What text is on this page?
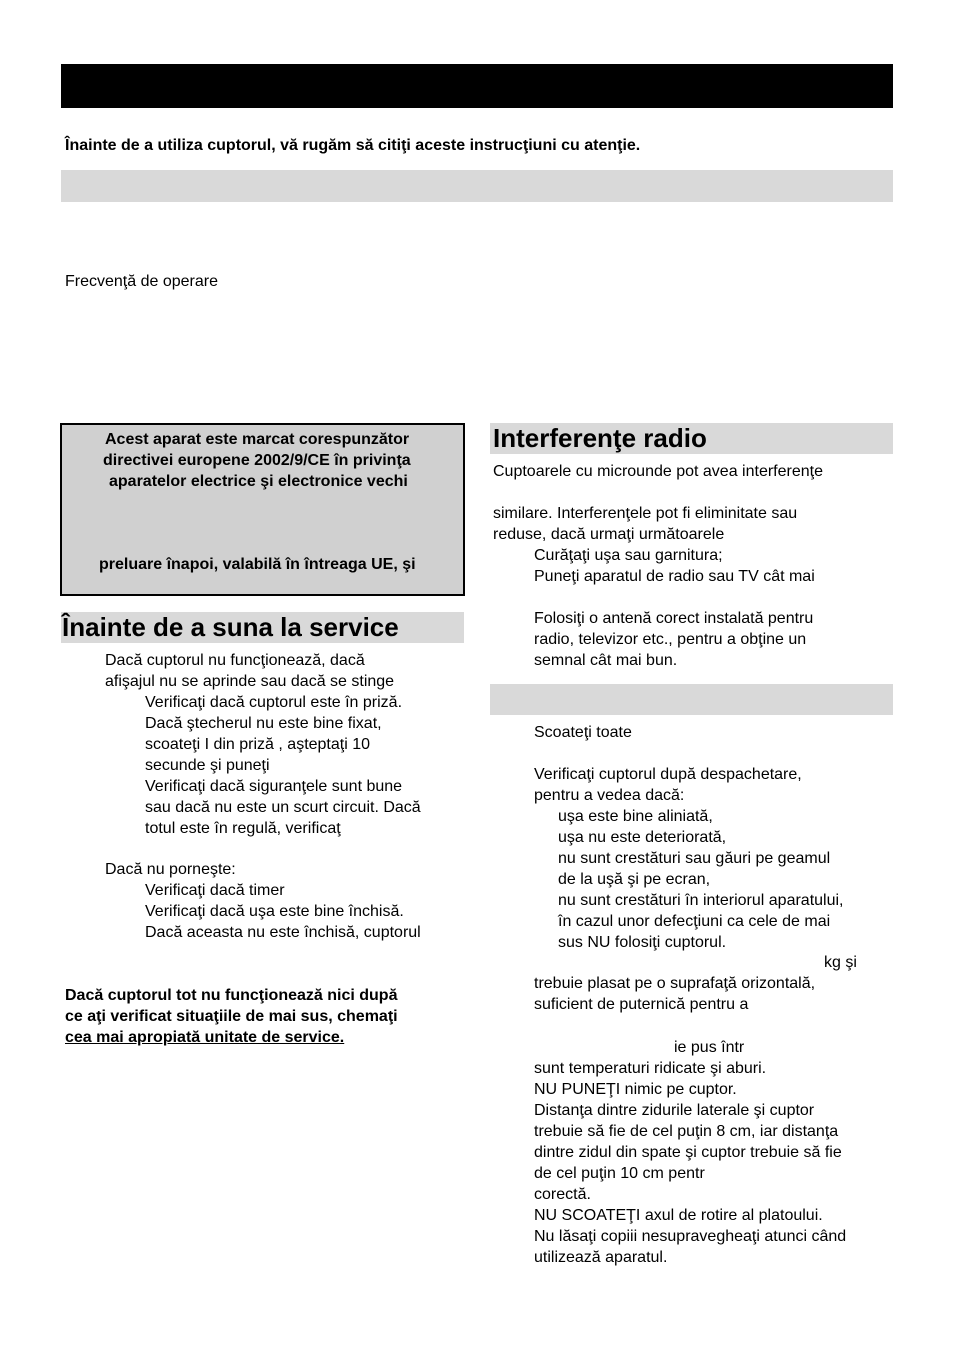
Înainte de a utiliza cuptorul, vă rugăm să citiţi aceste instrucţiuni cu atenţie.
Frecvenţă de operare
Acest aparat este marcat corespunzător
directivei europene 2002/9/CE în privinţa
aparatelor electrice şi electronice vechi
preluare înapoi, valabilă în întreaga UE, şi
Înainte de a suna la service
Dacă cuptorul nu funcţionează, dacă
afişajul nu se aprinde sau dacă se stinge
Verificaţi dacă cuptorul este în priză.
Dacă ştecherul nu este bine fixat,
scoateţi I din priză , aşteptaţi 10
secunde şi puneţi
Verificaţi dacă siguranţele sunt bune
sau dacă nu este un scurt circuit. Dacă
totul este în regulă, verificaţ
Dacă nu porneşte:
Verificaţi dacă timer
Verificaţi dacă uşa este bine închisă.
Dacă aceasta nu este închisă, cuptorul
Dacă cuptorul tot nu funcţionează nici după
ce aţi verificat situaţiile de mai sus, chemaţi
cea mai apropiată unitate de service.
Interferenţe radio
Cuptoarele cu microunde pot avea interferenţe
similare. Interferenţele pot fi eliminitate sau
reduse, dacă urmaţi următoarele
Curăţaţi uşa sau garnitura;
Puneţi aparatul de radio sau TV cât mai
Folosiţi o antenă corect instalată pentru
radio, televizor etc., pentru a obţine un
semnal cât mai bun.
Scoateţi toate
Verificaţi cuptorul după despachetare,
pentru a vedea dacă:
uşa este bine aliniată,
uşa nu este deteriorată,
nu sunt crestături sau găuri pe geamul
de la uşă şi pe ecran,
nu sunt crestături în interiorul aparatului,
în cazul unor defecţiuni ca cele de mai
sus NU folosiţi cuptorul.
kg şi
trebuie plasat pe o suprafaţă orizontală,
suficient de puternică pentru a
ie pus într
sunt temperaturi ridicate şi aburi.
NU PUNEŢI nimic pe cuptor.
Distanţa dintre zidurile laterale şi cuptor
trebuie să fie de cel puţin 8 cm, iar distanţa
dintre zidul din spate şi cuptor trebuie să fie
de cel puţin 10 cm pentr
corectă.
NU SCOATEŢI axul de rotire al platoului.
Nu lăsaţi copiii nesupravegheaţi atunci când
utilizează aparatul.
